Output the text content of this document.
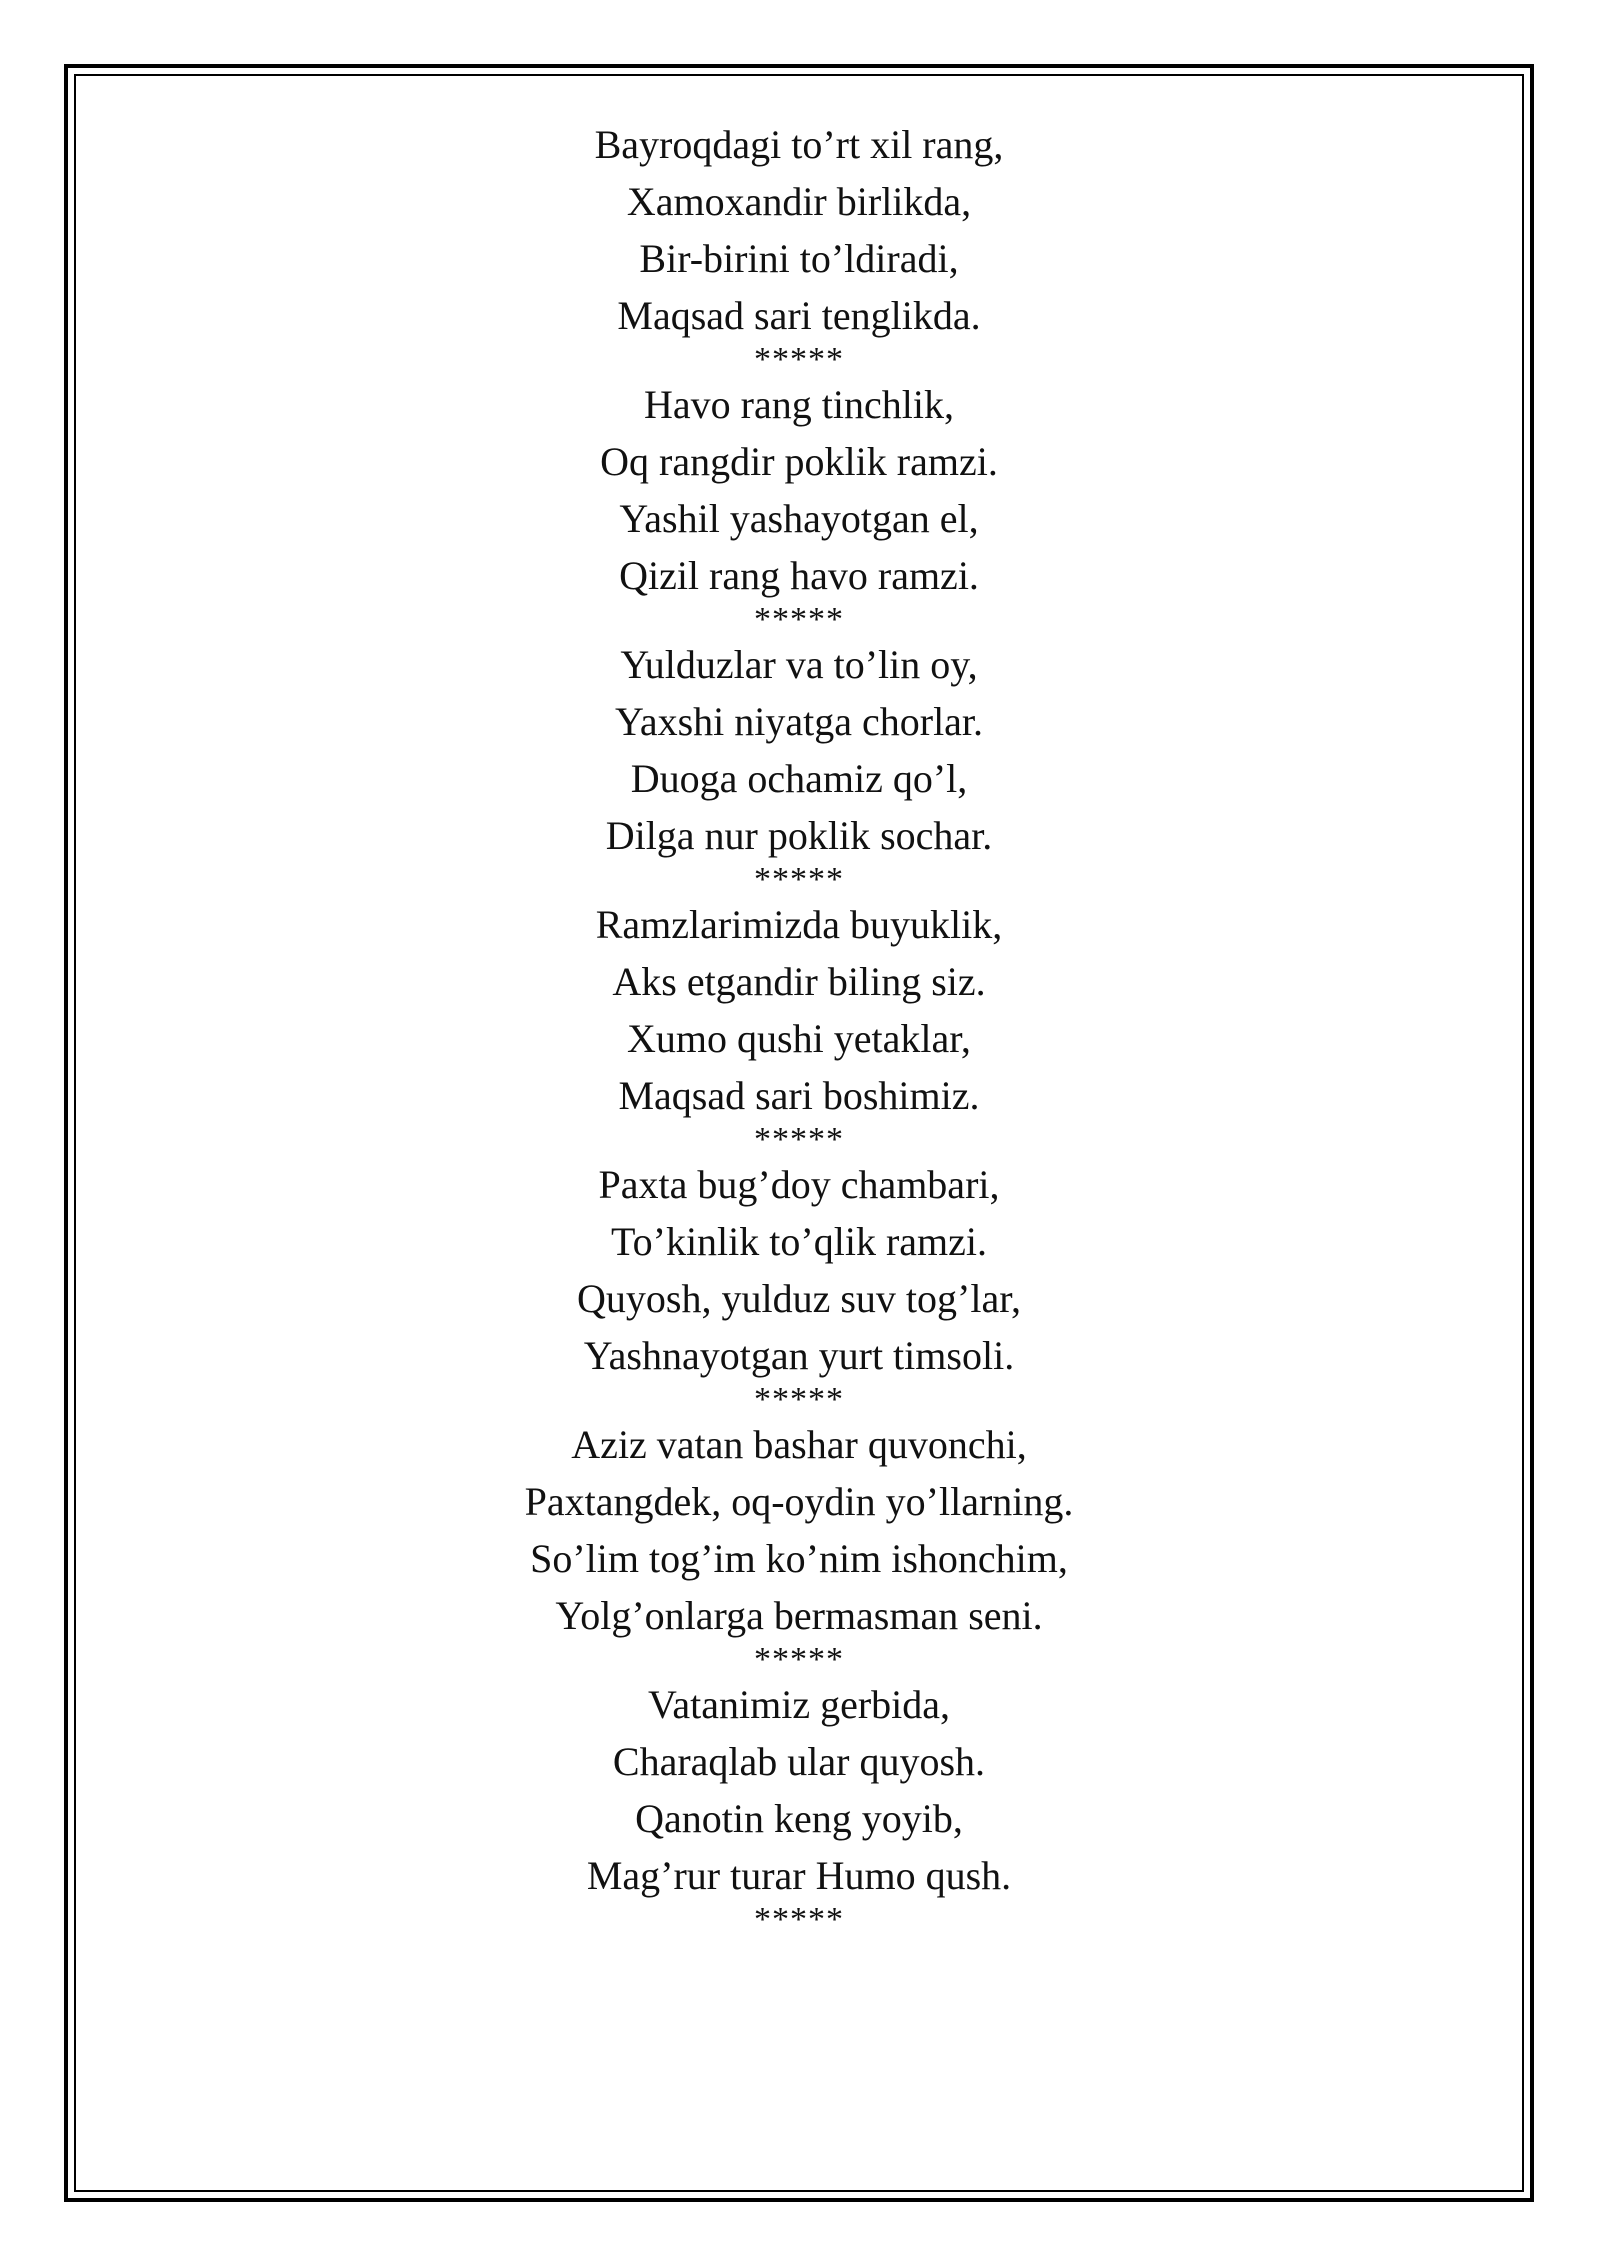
Bayroqdagi to’rt xil rang,
Xamoxandir birlikda,
Bir-birini to’ldiradi,
Maqsad sari tenglikda.
*****
Havo rang tinchlik,
Oq rangdir poklik ramzi.
Yashil yashayotgan el,
Qizil rang havo ramzi.
*****
Yulduzlar va to’lin oy,
Yaxshi niyatga chorlar.
Duoga ochamiz qo’l,
Dilga nur poklik sochar.
*****
Ramzlarimizda buyuklik,
Aks etgandir biling siz.
Xumo qushi yetaklar,
Maqsad sari boshimiz.
*****
Paxta bug’doy chambari,
To’kinlik to’qlik ramzi.
Quyosh, yulduz suv tog’lar,
Yashnayotgan yurt timsoli.
*****
Aziz vatan bashar quvonchi,
Paxtangdek, oq-oydin yo’llarning.
So’lim tog’im ko’nim ishonchim,
Yolg’onlarga bermasman seni.
*****
Vatanimiz gerbida,
Charaqlab ular quyosh.
Qanotin keng yoyib,
Mag’rur turar Humo qush.
*****
